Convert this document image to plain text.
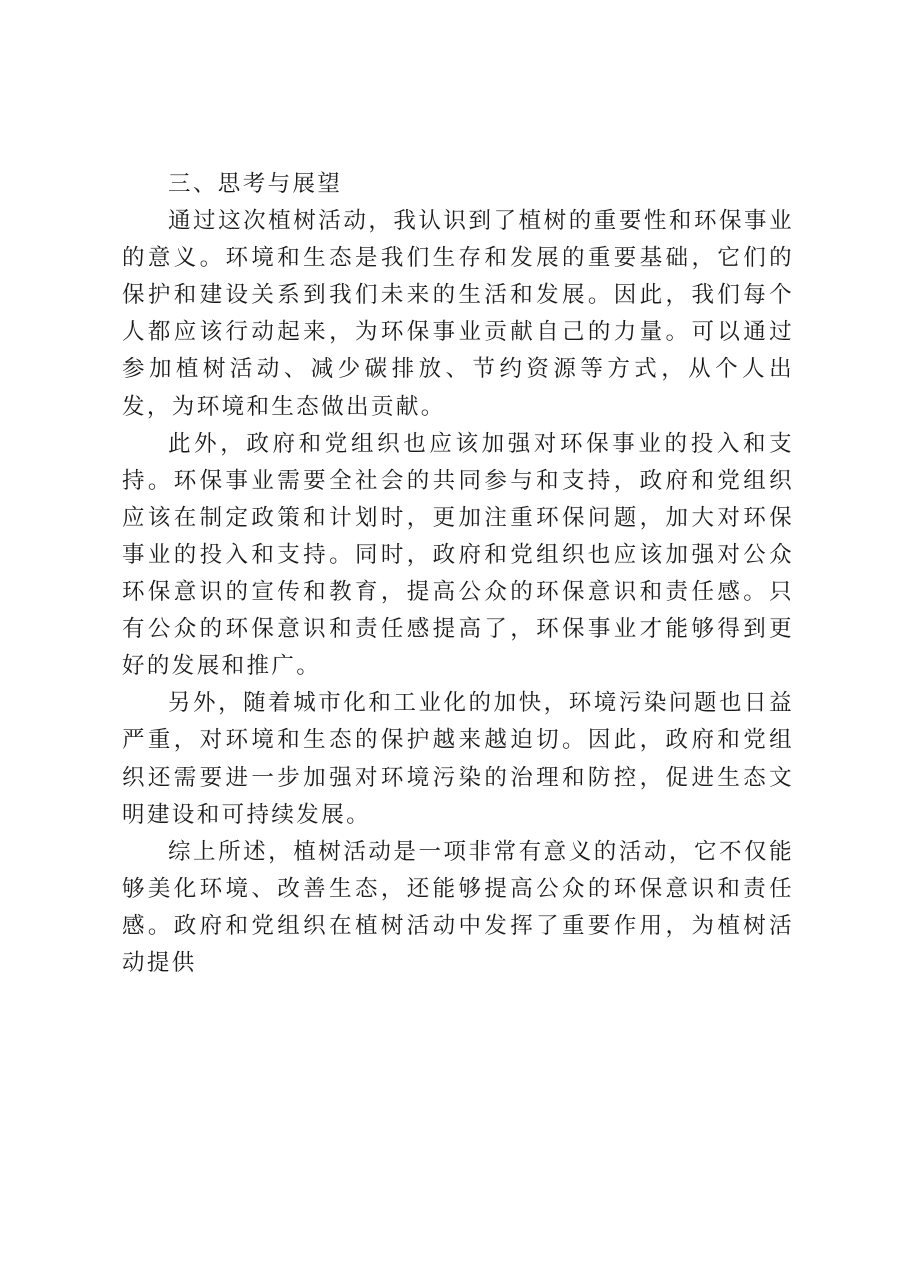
三、思考与展望

通过这次植树活动，我认识到了植树的重要性和环保事业的意义。环境和生态是我们生存和发展的重要基础，它们的保护和建设关系到我们未来的生活和发展。因此，我们每个人都应该行动起来，为环保事业贡献自己的力量。可以通过参加植树活动、减少碳排放、节约资源等方式，从个人出发，为环境和生态做出贡献。

此外，政府和党组织也应该加强对环保事业的投入和支持。环保事业需要全社会的共同参与和支持，政府和党组织应该在制定政策和计划时，更加注重环保问题，加大对环保事业的投入和支持。同时，政府和党组织也应该加强对公众环保意识的宣传和教育，提高公众的环保意识和责任感。只有公众的环保意识和责任感提高了，环保事业才能够得到更好的发展和推广。

另外，随着城市化和工业化的加快，环境污染问题也日益严重，对环境和生态的保护越来越迫切。因此，政府和党组织还需要进一步加强对环境污染的治理和防控，促进生态文明建设和可持续发展。

综上所述，植树活动是一项非常有意义的活动，它不仅能够美化环境、改善生态，还能够提高公众的环保意识和责任感。政府和党组织在植树活动中发挥了重要作用，为植树活动提供
